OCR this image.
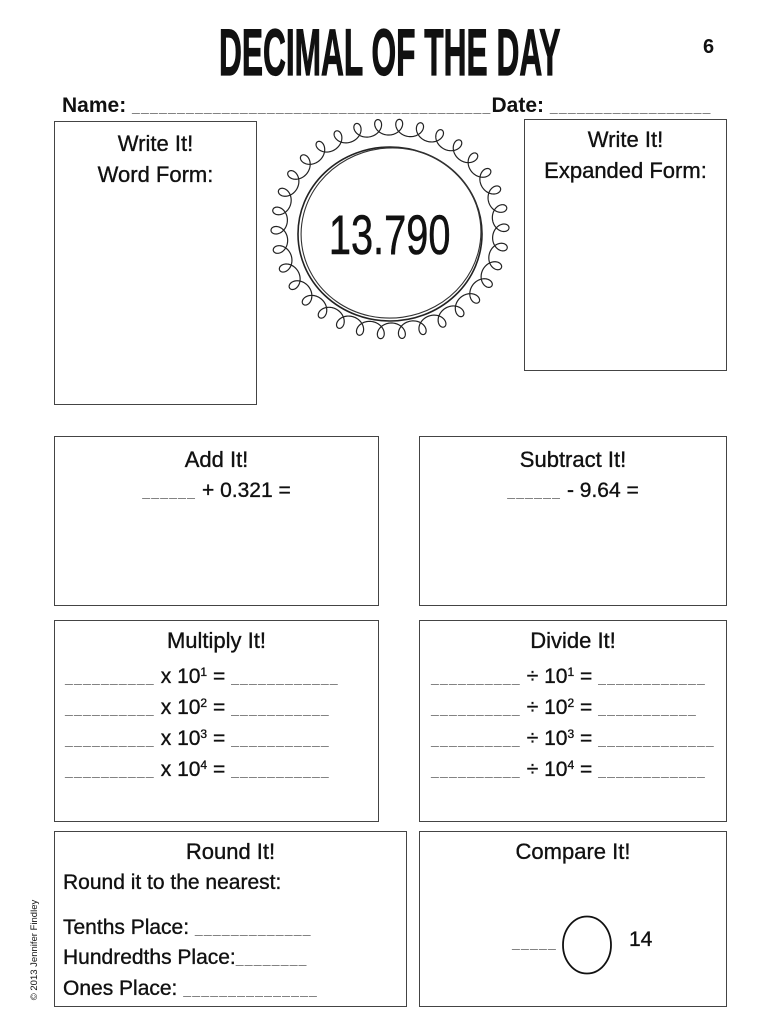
DECIMAL OF THE DAY	6
Name: ________________________________________Date: __________________
Write It!
Word Form:
13.790
Write It!
Expanded Form:
Add It!
______ + 0.321 =
Subtract It!
______ - 9.64 =
Multiply It!
__________ x $10^1$ = ____________
__________ x $10^2$ = ___________
__________ x $10^3$ = ___________
__________ x $10^4$ = ___________
Divide It!
__________ ÷ $10^1$ = ____________
__________ ÷ $10^2$ = ___________
__________ ÷ $10^3$ = _____________
__________ ÷ $10^4$ = ____________
Round It!
Round it to the nearest:
Tenths Place: _____________
Hundredths Place:________
Ones Place: _______________
Compare It!
_____	14
© 2013 Jennifer Findley
